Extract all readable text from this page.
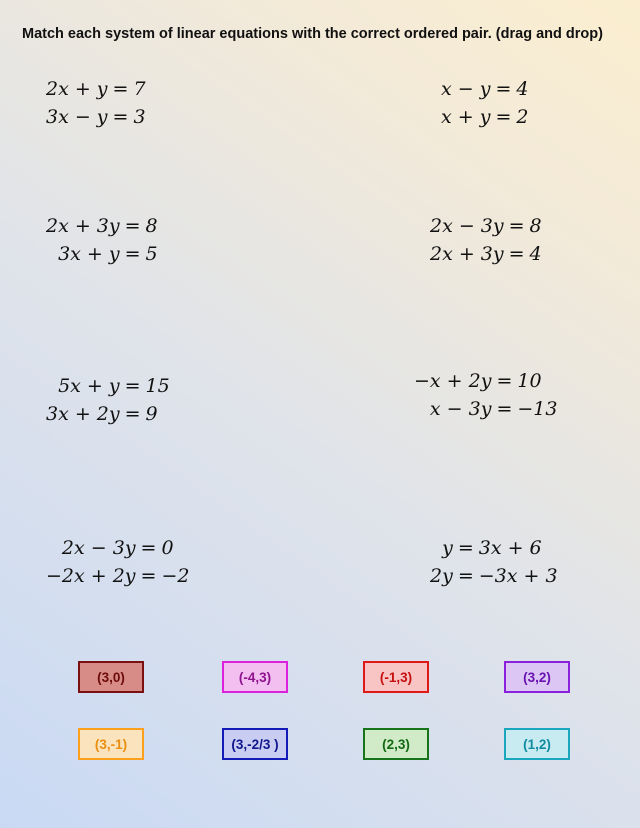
Match each system of linear equations with the correct ordered pair. (drag and drop)
2x + y = 7
3x − y = 3
x − y = 4
x + y = 2
2x + 3y = 8
3x + y = 5
2x − 3y = 8
2x + 3y = 4
5x + y = 15
3x + 2y = 9
−x + 2y = 10
x − 3y = −13
2x − 3y = 0
−2x + 2y = −2
y = 3x + 6
2y = −3x + 3
(3,0)	(-4,3)	(-1,3)	(3,2)
(3,-1)	(3,-2/3 )	(2,3)	(1,2)
